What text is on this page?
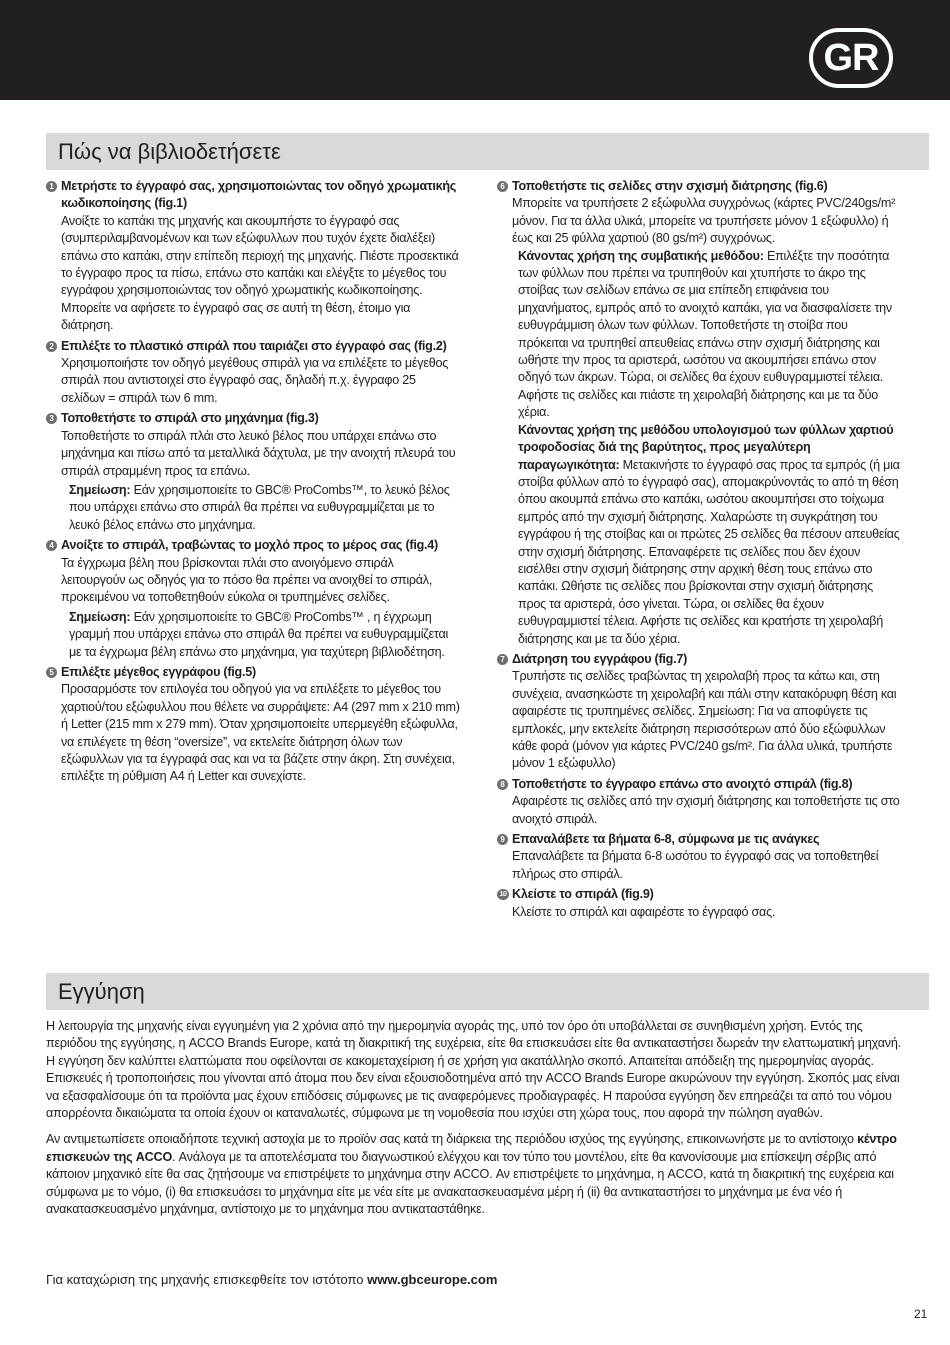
GR
Πώς να βιβλιοδετήσετε
1 Μετρήστε το έγγραφό σας, χρησιμοποιώντας τον οδηγό χρωματικής κωδικοποίησης (fig.1)
Ανοίξτε το καπάκι της μηχανής και ακουμπήστε το έγγραφό σας (συμπεριλαμβανομένων και των εξώφυλλων που τυχόν έχετε διαλέξει) επάνω στο καπάκι, στην επίπεδη περιοχή της μηχανής. Πιέστε προσεκτικά το έγγραφο προς τα πίσω, επάνω στο καπάκι και ελέγξτε το μέγεθος του εγγράφου χρησιμοποιώντας τον οδηγό χρωματικής κωδικοποίησης. Μπορείτε να αφήσετε το έγγραφό σας σε αυτή τη θέση, έτοιμο για διάτρηση.
2 Επιλέξτε το πλαστικό σπιράλ που ταιριάζει στο έγγραφό σας (fig.2)
Χρησιμοποιήστε τον οδηγό μεγέθους σπιράλ για να επιλέξετε το μέγεθος σπιράλ που αντιστοιχεί στο έγγραφό σας, δηλαδή π.χ. έγγραφο 25 σελίδων = σπιράλ των 6 mm.
3 Τοποθετήστε το σπιράλ στο μηχάνημα (fig.3)
Τοποθετήστε το σπιράλ πλάι στο λευκό βέλος που υπάρχει επάνω στο μηχάνημα και πίσω από τα μεταλλικά δάχτυλα, με την ανοιχτή πλευρά του σπιράλ στραμμένη προς τα επάνω.
Σημείωση: Εάν χρησιμοποιείτε το GBC® ProCombs™, το λευκό βέλος που υπάρχει επάνω στο σπιράλ θα πρέπει να ευθυγραμμίζεται με το λευκό βέλος επάνω στο μηχάνημα.
4 Ανοίξτε το σπιράλ, τραβώντας το μοχλό προς το μέρος σας (fig.4)
Τα έγχρωμα βέλη που βρίσκονται πλάι στο ανοιγόμενο σπιράλ λειτουργούν ως οδηγός για το πόσο θα πρέπει να ανοιχθεί το σπιράλ, προκειμένου να τοποθετηθούν εύκολα οι τρυπημένες σελίδες.
Σημείωση: Εάν χρησιμοποιείτε το GBC® ProCombs™ , η έγχρωμη γραμμή που υπάρχει επάνω στο σπιράλ θα πρέπει να ευθυγραμμίζεται με τα έγχρωμα βέλη επάνω στο μηχάνημα, για ταχύτερη βιβλιοδέτηση.
5 Επιλέξτε μέγεθος εγγράφου (fig.5)
Προσαρμόστε τον επιλογέα του οδηγού για να επιλέξετε το μέγεθος του χαρτιού/του εξώφυλλου που θέλετε να συρράψετε: A4 (297 mm x 210 mm) ή Letter (215 mm x 279 mm). Όταν χρησιμοποιείτε υπερμεγέθη εξώφυλλα, να επιλέγετε τη θέση “oversize”, να εκτελείτε διάτρηση όλων των εξώφυλλων για τα έγγραφά σας και να τα βάζετε στην άκρη. Στη συνέχεια, επιλέξτε τη ρύθμιση A4 ή Letter και συνεχίστε.
6 Τοποθετήστε τις σελίδες στην σχισμή διάτρησης (fig.6)
Μπορείτε να τρυπήσετε 2 εξώφυλλα συγχρόνως (κάρτες PVC/240gs/m² μόνον. Για τα άλλα υλικά, μπορείτε να τρυπήσετε μόνον 1 εξώφυλλο) ή έως και 25 φύλλα χαρτιού (80 gs/m²) συγχρόνως.
Κάνοντας χρήση της συμβατικής μεθόδου: Επιλέξτε την ποσότητα των φύλλων που πρέπει να τρυπηθούν και χτυπήστε το άκρο της στοίβας των σελίδων επάνω σε μια επίπεδη επιφάνεια του μηχανήματος, εμπρός από το ανοιχτό καπάκι, για να διασφαλίσετε την ευθυγράμμιση όλων των φύλλων. Τοποθετήστε τη στοίβα που πρόκειται να τρυπηθεί απευθείας επάνω στην σχισμή διάτρησης και ωθήστε την προς τα αριστερά, ωσότου να ακουμπήσει επάνω στον οδηγό των άκρων. Τώρα, οι σελίδες θα έχουν ευθυγραμμιστεί τέλεια. Αφήστε τις σελίδες και πιάστε τη χειρολαβή διάτρησης και με τα δύο χέρια.
Κάνοντας χρήση της μεθόδου υπολογισμού των φύλλων χαρτιού τροφοδοσίας διά της βαρύτητος, προς μεγαλύτερη παραγωγικότητα: Μετακινήστε το έγγραφό σας προς τα εμπρός (ή μια στοίβα φύλλων από το έγγραφό σας), απομακρύνοντάς το από τη θέση όπου ακουμπά επάνω στο καπάκι, ωσότου ακουμπήσει στο τοίχωμα εμπρός από την σχισμή διάτρησης. Χαλαρώστε τη συγκράτηση του εγγράφου ή της στοίβας και οι πρώτες 25 σελίδες θα πέσουν απευθείας στην σχισμή διάτρησης. Επαναφέρετε τις σελίδες που δεν έχουν εισέλθει στην σχισμή διάτρησης στην αρχική θέση τους επάνω στο καπάκι. Ωθήστε τις σελίδες που βρίσκονται στην σχισμή διάτρησης προς τα αριστερά, όσο γίνεται. Τώρα, οι σελίδες θα έχουν ευθυγραμμιστεί τέλεια. Αφήστε τις σελίδες και κρατήστε τη χειρολαβή διάτρησης και με τα δύο χέρια.
7 Διάτρηση του εγγράφου (fig.7)
Τρυπήστε τις σελίδες τραβώντας τη χειρολαβή προς τα κάτω και, στη συνέχεια, ανασηκώστε τη χειρολαβή και πάλι στην κατακόρυφη θέση και αφαιρέστε τις τρυπημένες σελίδες. Σημείωση: Για να αποφύγετε τις εμπλοκές, μην εκτελείτε διάτρηση περισσότερων από δύο εξώφυλλων κάθε φορά (μόνον για κάρτες PVC/240 gs/m². Για άλλα υλικά, τρυπήστε μόνον 1 εξώφυλλο)
8 Τοποθετήστε το έγγραφο επάνω στο ανοιχτό σπιράλ (fig.8)
Αφαιρέστε τις σελίδες από την σχισμή διάτρησης και τοποθετήστε τις στο ανοιχτό σπιράλ.
9 Επαναλάβετε τα βήματα 6-8, σύμφωνα με τις ανάγκες
Επαναλάβετε τα βήματα 6-8 ωσότου το έγγραφό σας να τοποθετηθεί πλήρως στο σπιράλ.
10 Κλείστε το σπιράλ (fig.9)
Κλείστε το σπιράλ και αφαιρέστε το έγγραφό σας.
Εγγύηση

Η λειτουργία της μηχανής είναι εγγυημένη για 2 χρόνια από την ημερομηνία αγοράς της, υπό τον όρο ότι υποβάλλεται σε συνηθισμένη χρήση. Εντός της περιόδου της εγγύησης, η ACCO Brands Europe, κατά τη διακριτική της ευχέρεια, είτε θα επισκευάσει είτε θα αντικαταστήσει δωρεάν την ελαττωματική μηχανή. Η εγγύηση δεν καλύπτει ελαττώματα που οφείλονται σε κακομεταχείριση ή σε χρήση για ακατάλληλο σκοπό. Απαιτείται απόδειξη της ημερομηνίας αγοράς. Επισκευές ή τροποποιήσεις που γίνονται από άτομα που δεν είναι εξουσιοδοτημένα από την ACCO Brands Europe ακυρώνουν την εγγύηση. Σκοπός μας είναι να εξασφαλίσουμε ότι τα προϊόντα μας έχουν επιδόσεις σύμφωνες με τις αναφερόμενες προδιαγραφές. Η παρούσα εγγύηση δεν επηρεάζει τα από του νόμου απορρέοντα δικαιώματα τα οποία έχουν οι καταναλωτές, σύμφωνα με τη νομοθεσία που ισχύει στη χώρα τους, που αφορά την πώληση αγαθών.

Αν αντιμετωπίσετε οποιαδήποτε τεχνική αστοχία με το προϊόν σας κατά τη διάρκεια της περιόδου ισχύος της εγγύησης, επικοινωνήστε με το αντίστοιχο κέντρο επισκευών της ACCO. Ανάλογα με τα αποτελέσματα του διαγνωστικού ελέγχου και τον τύπο του μοντέλου, είτε θα κανονίσουμε μια επίσκεψη σέρβις από κάποιον μηχανικό είτε θα σας ζητήσουμε να επιστρέψετε το μηχάνημα στην ACCO. Αν επιστρέψετε το μηχάνημα, η ACCO, κατά τη διακριτική της ευχέρεια και σύμφωνα με το νόμο, (i) θα επισκευάσει το μηχάνημα είτε με νέα είτε με ανακατασκευασμένα μέρη ή (ii) θα αντικαταστήσει το μηχάνημα με ένα νέο ή ανακατασκευασμένο μηχάνημα, αντίστοιχο με το μηχάνημα που αντικαταστάθηκε.

Για καταχώριση της μηχανής επισκεφθείτε τον ιστότοπο www.gbceurope.com
21
